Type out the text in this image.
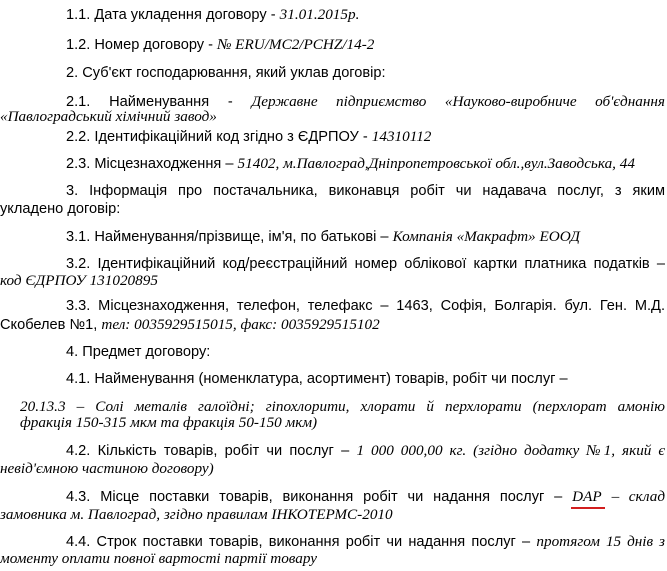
1.1. Дата укладення договору - 31.01.2015р.
1.2. Номер договору - № ERU/MC2/PCHZ/14-2
2. Суб'єкт господарювання, який уклав договір:
2.1. Найменування - Державне підприємство «Науково-виробниче об'єднання
«Павлоградський хімічний завод»
2.2. Ідентифікаційний код згідно з ЄДРПОУ - 14310112
2.3. Місцезнаходження – 51402, м.Павлоград,Дніпропетровської обл.,вул.Заводська, 44
3. Інформація про постачальника, виконавця робіт чи надавача послуг, з яким
укладено договір:
3.1. Найменування/прізвище, ім'я, по батькові – Компанія «Макрафт» ЕООД
3.2. Ідентифікаційний код/реєстраційний номер облікової картки платника податків –
код ЄДРПОУ 131020895
3.3. Місцезнаходження, телефон, телефакс – 1463, Софія, Болгарія. бул. Ген. М.Д.
Скобелев №1, тел: 0035929515015, факс: 0035929515102
4. Предмет договору:
4.1. Найменування (номенклатура, асортимент) товарів, робіт чи послуг –
20.13.3 – Солі металів галоїдні; гіпохлорити, хлорати й перхлорати (перхлорат амонію
фракція 150-315 мкм та фракція 50-150 мкм)
4.2. Кількість товарів, робіт чи послуг – 1 000 000,00 кг. (згідно додатку №1, який є
невід'ємною частиною договору)
4.3. Місце поставки товарів, виконання робіт чи надання послуг – DAP – склад
замовника м. Павлоград, згідно правилам ІНКОТЕРМС-2010
4.4. Строк поставки товарів, виконання робіт чи надання послуг – протягом 15 днів з
моменту оплати повної вартості партії товару
